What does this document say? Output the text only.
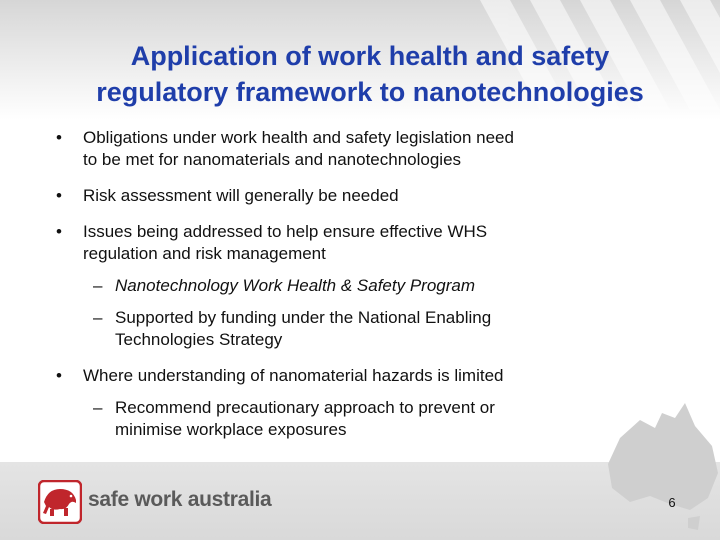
Application of work health and safety
regulatory framework to nanotechnologies
• Obligations under work health and safety legislation need
to be met for nanomaterials and nanotechnologies
• Risk assessment will generally be needed
• Issues being addressed to help ensure effective WHS
regulation and risk management
– Nanotechnology Work Health & Safety Program
– Supported by funding under the National Enabling
Technologies Strategy
• Where understanding of nanomaterial hazards is limited
– Recommend precautionary approach to prevent or
minimise workplace exposures
safe work australia	6
